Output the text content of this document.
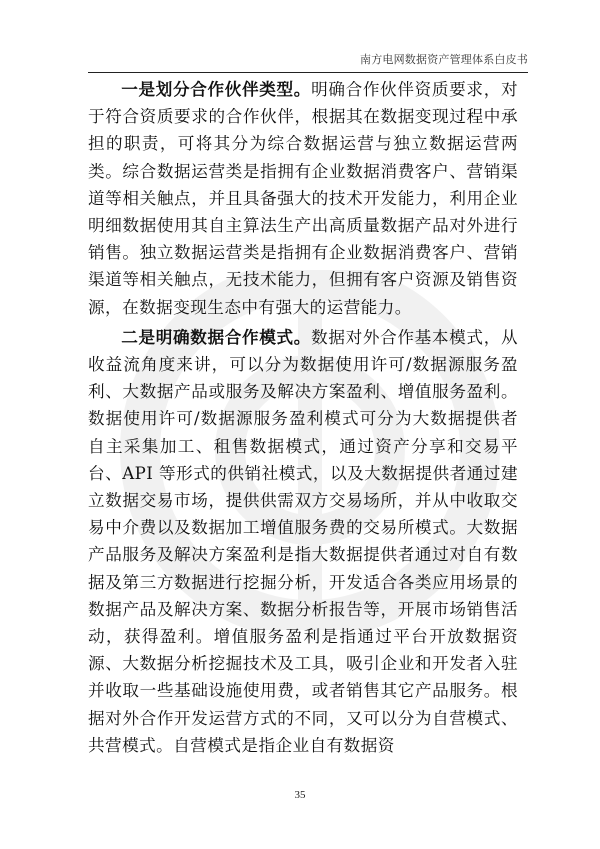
南方电网数据资产管理体系白皮书

一是划分合作伙伴类型。明确合作伙伴资质要求，对于符合资质要求的合作伙伴，根据其在数据变现过程中承担的职责，可将其分为综合数据运营与独立数据运营两类。综合数据运营类是指拥有企业数据消费客户、营销渠道等相关触点，并且具备强大的技术开发能力，利用企业明细数据使用其自主算法生产出高质量数据产品对外进行销售。独立数据运营类是指拥有企业数据消费客户、营销渠道等相关触点，无技术能力，但拥有客户资源及销售资源，在数据变现生态中有强大的运营能力。

二是明确数据合作模式。数据对外合作基本模式，从收益流角度来讲，可以分为数据使用许可/数据源服务盈利、大数据产品或服务及解决方案盈利、增值服务盈利。数据使用许可/数据源服务盈利模式可分为大数据提供者自主采集加工、租售数据模式，通过资产分享和交易平台、API 等形式的供销社模式，以及大数据提供者通过建立数据交易市场，提供供需双方交易场所，并从中收取交易中介费以及数据加工增值服务费的交易所模式。大数据产品服务及解决方案盈利是指大数据提供者通过对自有数据及第三方数据进行挖掘分析，开发适合各类应用场景的数据产品及解决方案、数据分析报告等，开展市场销售活动，获得盈利。增值服务盈利是指通过平台开放数据资源、大数据分析挖掘技术及工具，吸引企业和开发者入驻并收取一些基础设施使用费，或者销售其它产品服务。根据对外合作开发运营方式的不同，又可以分为自营模式、共营模式。自营模式是指企业自有数据资

35
